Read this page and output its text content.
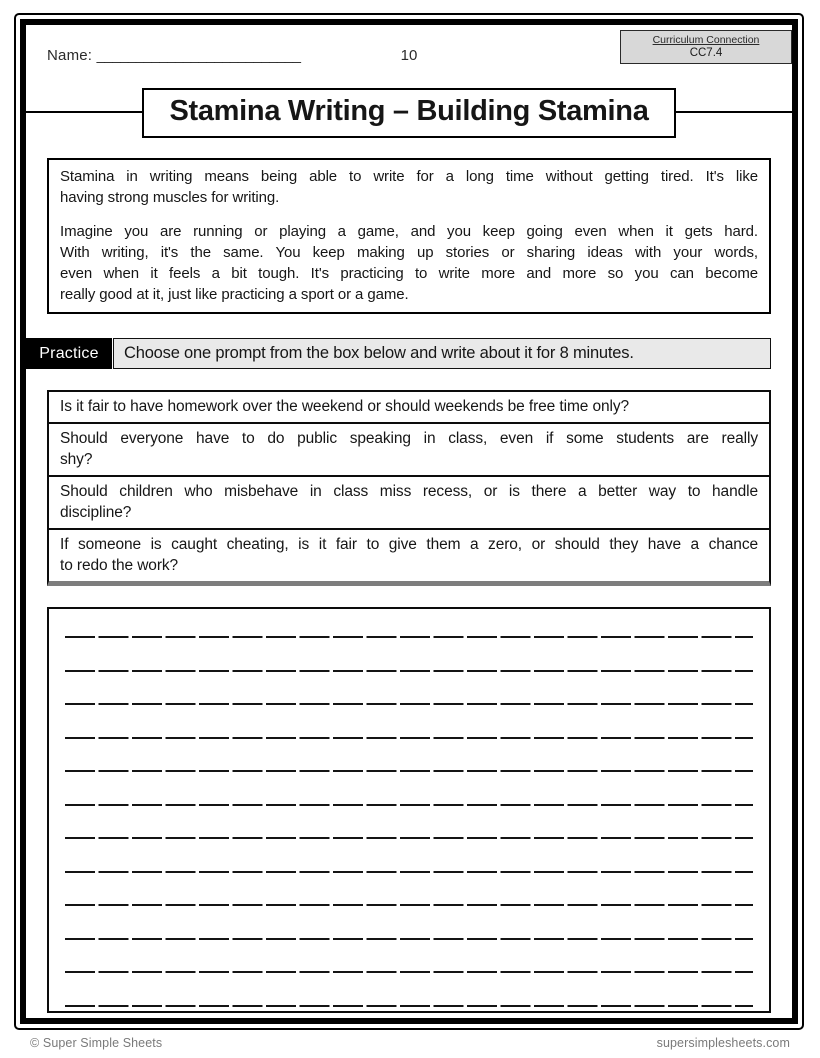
Name: __________________________	10
Curriculum Connection
CC7.4
Stamina Writing – Building Stamina
Stamina in writing means being able to write for a long time without getting tired. It's like
having strong muscles for writing.
Imagine you are running or playing a game, and you keep going even when it gets hard.
With writing, it's the same. You keep making up stories or sharing ideas with your words,
even when it feels a bit tough. It's practicing to write more and more so you can become
really good at it, just like practicing a sport or a game.
Practice	Choose one prompt from the box below and write about it for 8 minutes.
Is it fair to have homework over the weekend or should weekends be free time only?
Should everyone have to do public speaking in class, even if some students are really
shy?
Should children who misbehave in class miss recess, or is there a better way to handle
discipline?
If someone is caught cheating, is it fair to give them a zero, or should they have a chance
to redo the work?
© Super Simple Sheets	supersimplesheets.com
